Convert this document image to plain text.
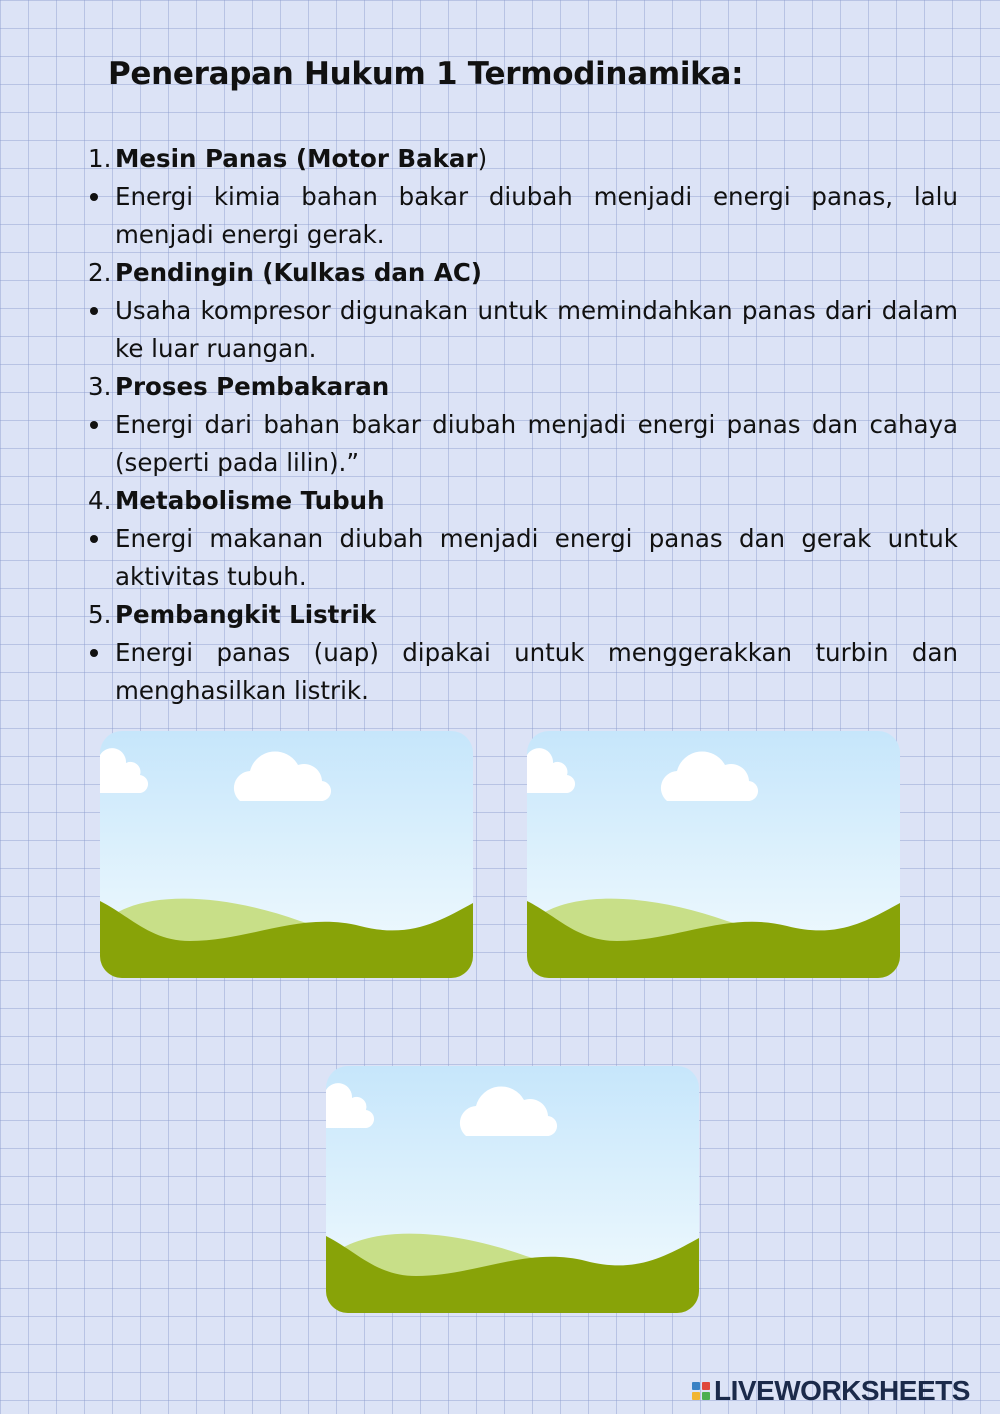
Penerapan Hukum 1 Termodinamika:

1. Mesin Panas (Motor Bakar)

Energi kimia bahan bakar diubah menjadi energi panas, lalu menjadi energi gerak.

2. Pendingin (Kulkas dan AC)

Usaha kompresor digunakan untuk memindahkan panas dari dalam ke luar ruangan.

3. Proses Pembakaran

Energi dari bahan bakar diubah menjadi energi panas dan cahaya (seperti pada lilin).”

4. Metabolisme Tubuh

Energi makanan diubah menjadi energi panas dan gerak untuk aktivitas tubuh.

5. Pembangkit Listrik

Energi panas (uap) dipakai untuk menggerakkan turbin dan menghasilkan listrik.

LIVEWORKSHEETS
